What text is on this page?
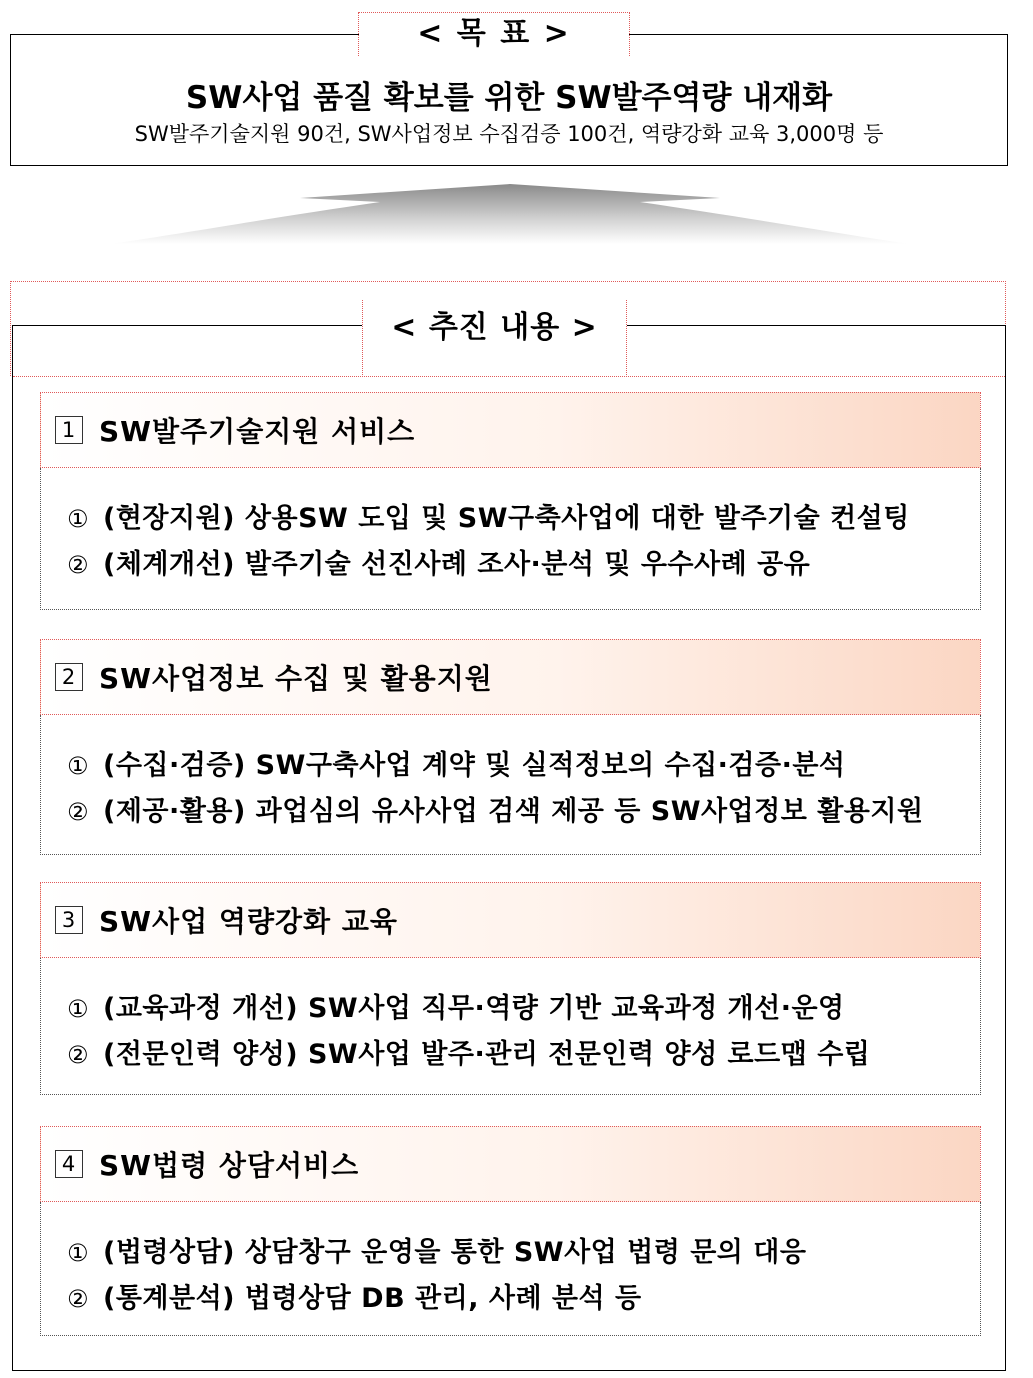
< 목 표 >
SW사업 품질 확보를 위한 SW발주역량 내재화
SW발주기술지원 90건, SW사업정보 수집검증 100건, 역량강화 교육 3,000명 등
< 추진 내용 >
1 SW발주기술지원 서비스
① (현장지원) 상용SW 도입 및 SW구축사업에 대한 발주기술 컨설팅
② (체계개선) 발주기술 선진사례 조사·분석 및 우수사례 공유
2 SW사업정보 수집 및 활용지원
① (수집·검증) SW구축사업 계약 및 실적정보의 수집·검증·분석
② (제공·활용) 과업심의 유사사업 검색 제공 등 SW사업정보 활용지원
3 SW사업 역량강화 교육
① (교육과정 개선) SW사업 직무·역량 기반 교육과정 개선·운영
② (전문인력 양성) SW사업 발주·관리 전문인력 양성 로드맵 수립
4 SW법령 상담서비스
① (법령상담) 상담창구 운영을 통한 SW사업 법령 문의 대응
② (통계분석) 법령상담 DB 관리, 사례 분석 등
